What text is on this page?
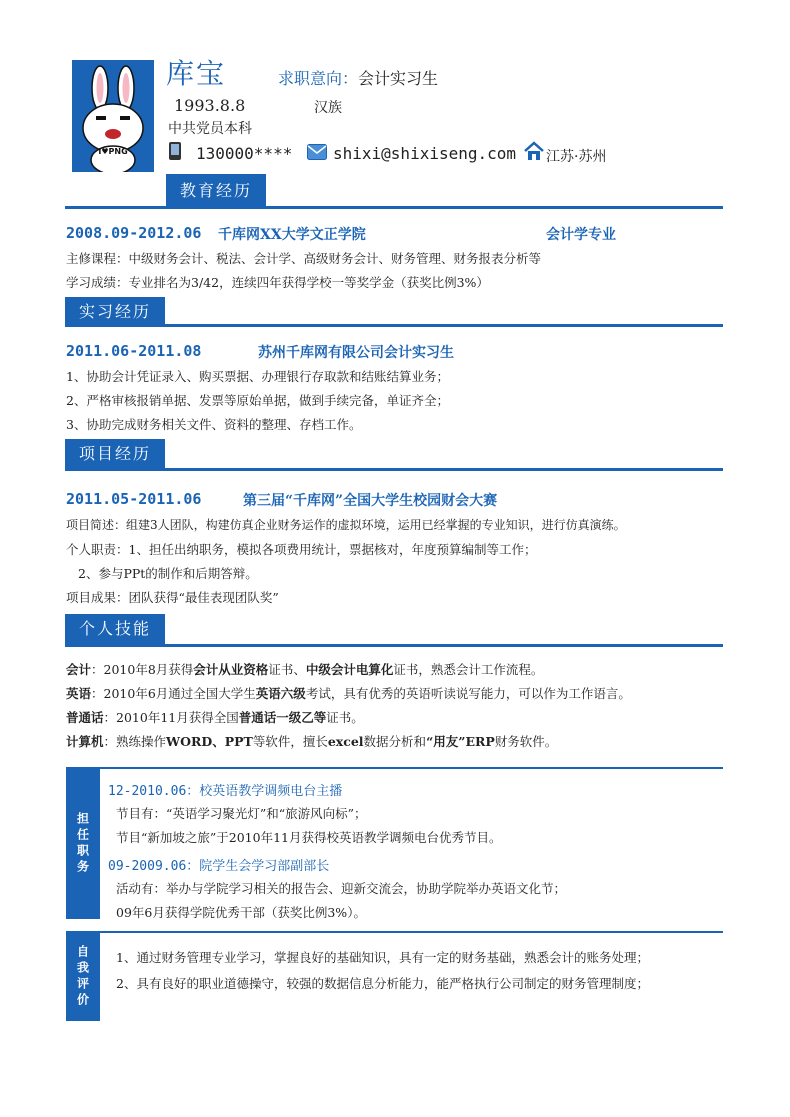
I♥PNG
库宝	求职意向：会计实习生
1993.8.8	汉族
中共党员本科
130000****	shixi@shixiseng.com 江苏·苏州
教育经历
2008.09-2012.06 千库网XX大学文正学院	会计学专业
主修课程：中级财务会计、税法、会计学、高级财务会计、财务管理、财务报表分析等
学习成绩：专业排名为3/42，连续四年获得学校一等奖学金（获奖比例3%）
实习经历
2011.06-2011.08	苏州千库网有限公司会计实习生
1、协助会计凭证录入、购买票据、办理银行存取款和结账结算业务；
2、严格审核报销单据、发票等原始单据，做到手续完备，单证齐全；
3、协助完成财务相关文件、资料的整理、存档工作。
项目经历
2011.05-2011.06	第三届“千库网”全国大学生校园财会大赛
项目简述：组建3人团队，构建仿真企业财务运作的虚拟环境，运用已经掌握的专业知识，进行仿真演练。
个人职责：1、担任出纳职务，模拟各项费用统计，票据核对，年度预算编制等工作；
2、参与PPt的制作和后期答辩。
项目成果：团队获得“最佳表现团队奖”
个人技能
会计：2010年8月获得会计从业资格证书、中级会计电算化证书，熟悉会计工作流程。
英语：2010年6月通过全国大学生英语六级考试，具有优秀的英语听读说写能力，可以作为工作语言。
普通话：2010年11月获得全国普通话一级乙等证书。
计算机：熟练操作WORD、PPT等软件，擅长excel数据分析和“用友”ERP财务软件。
担任职务
12-2010.06：校英语教学调频电台主播
节目有：“英语学习聚光灯”和“旅游风向标”；
节目“新加坡之旅”于2010年11月获得校英语教学调频电台优秀节目。
09-2009.06：院学生会学习部副部长
活动有：举办与学院学习相关的报告会、迎新交流会，协助学院举办英语文化节；
09年6月获得学院优秀干部（获奖比例3%）。
自我评价	1、通过财务管理专业学习，掌握良好的基础知识，具有一定的财务基础，熟悉会计的账务处理；
2、具有良好的职业道德操守，较强的数据信息分析能力，能严格执行公司制定的财务管理制度；
